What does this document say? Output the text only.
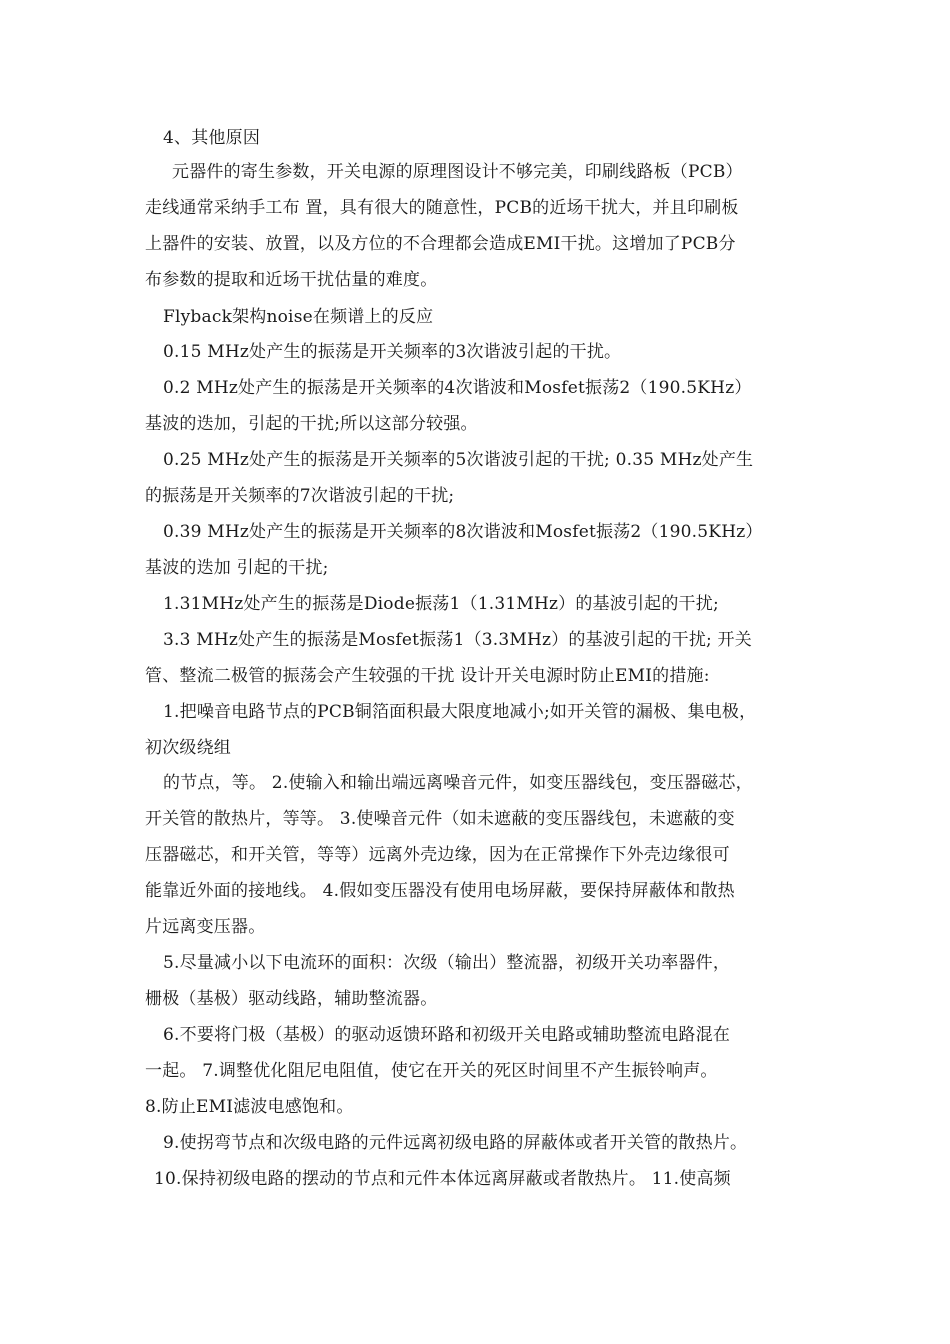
4、其他原因
元器件的寄生参数，开关电源的原理图设计不够完美，印刷线路板（PCB）
走线通常采纳手工布 置，具有很大的随意性，PCB的近场干扰大，并且印刷板
上器件的安装、放置，以及方位的不合理都会造成EMI干扰。这增加了PCB分
布参数的提取和近场干扰估量的难度。
Flyback架构noise在频谱上的反应
0.15 MHz处产生的振荡是开关频率的3次谐波引起的干扰。
0.2 MHz处产生的振荡是开关频率的4次谐波和Mosfet振荡2（190.5KHz）
基波的迭加，引起的干扰;所以这部分较强。
0.25 MHz处产生的振荡是开关频率的5次谐波引起的干扰; 0.35 MHz处产生
的振荡是开关频率的7次谐波引起的干扰;
0.39 MHz处产生的振荡是开关频率的8次谐波和Mosfet振荡2（190.5KHz）
基波的迭加 引起的干扰;
1.31MHz处产生的振荡是Diode振荡1（1.31MHz）的基波引起的干扰;
3.3 MHz处产生的振荡是Mosfet振荡1（3.3MHz）的基波引起的干扰; 开关
管、整流二极管的振荡会产生较强的干扰 设计开关电源时防止EMI的措施:
1.把噪音电路节点的PCB铜箔面积最大限度地减小;如开关管的漏极、集电极，
初次级绕组
的节点，等。 2.使输入和输出端远离噪音元件，如变压器线包，变压器磁芯，
开关管的散热片，等等。 3.使噪音元件（如未遮蔽的变压器线包，未遮蔽的变
压器磁芯，和开关管，等等）远离外壳边缘，因为在正常操作下外壳边缘很可
能靠近外面的接地线。 4.假如变压器没有使用电场屏蔽，要保持屏蔽体和散热
片远离变压器。
5.尽量减小以下电流环的面积：次级（输出）整流器，初级开关功率器件，
栅极（基极）驱动线路，辅助整流器。
6.不要将门极（基极）的驱动返馈环路和初级开关电路或辅助整流电路混在
一起。 7.调整优化阻尼电阻值，使它在开关的死区时间里不产生振铃响声。
8.防止EMI滤波电感饱和。
9.使拐弯节点和次级电路的元件远离初级电路的屏蔽体或者开关管的散热片。
10.保持初级电路的摆动的节点和元件本体远离屏蔽或者散热片。 11.使高频
